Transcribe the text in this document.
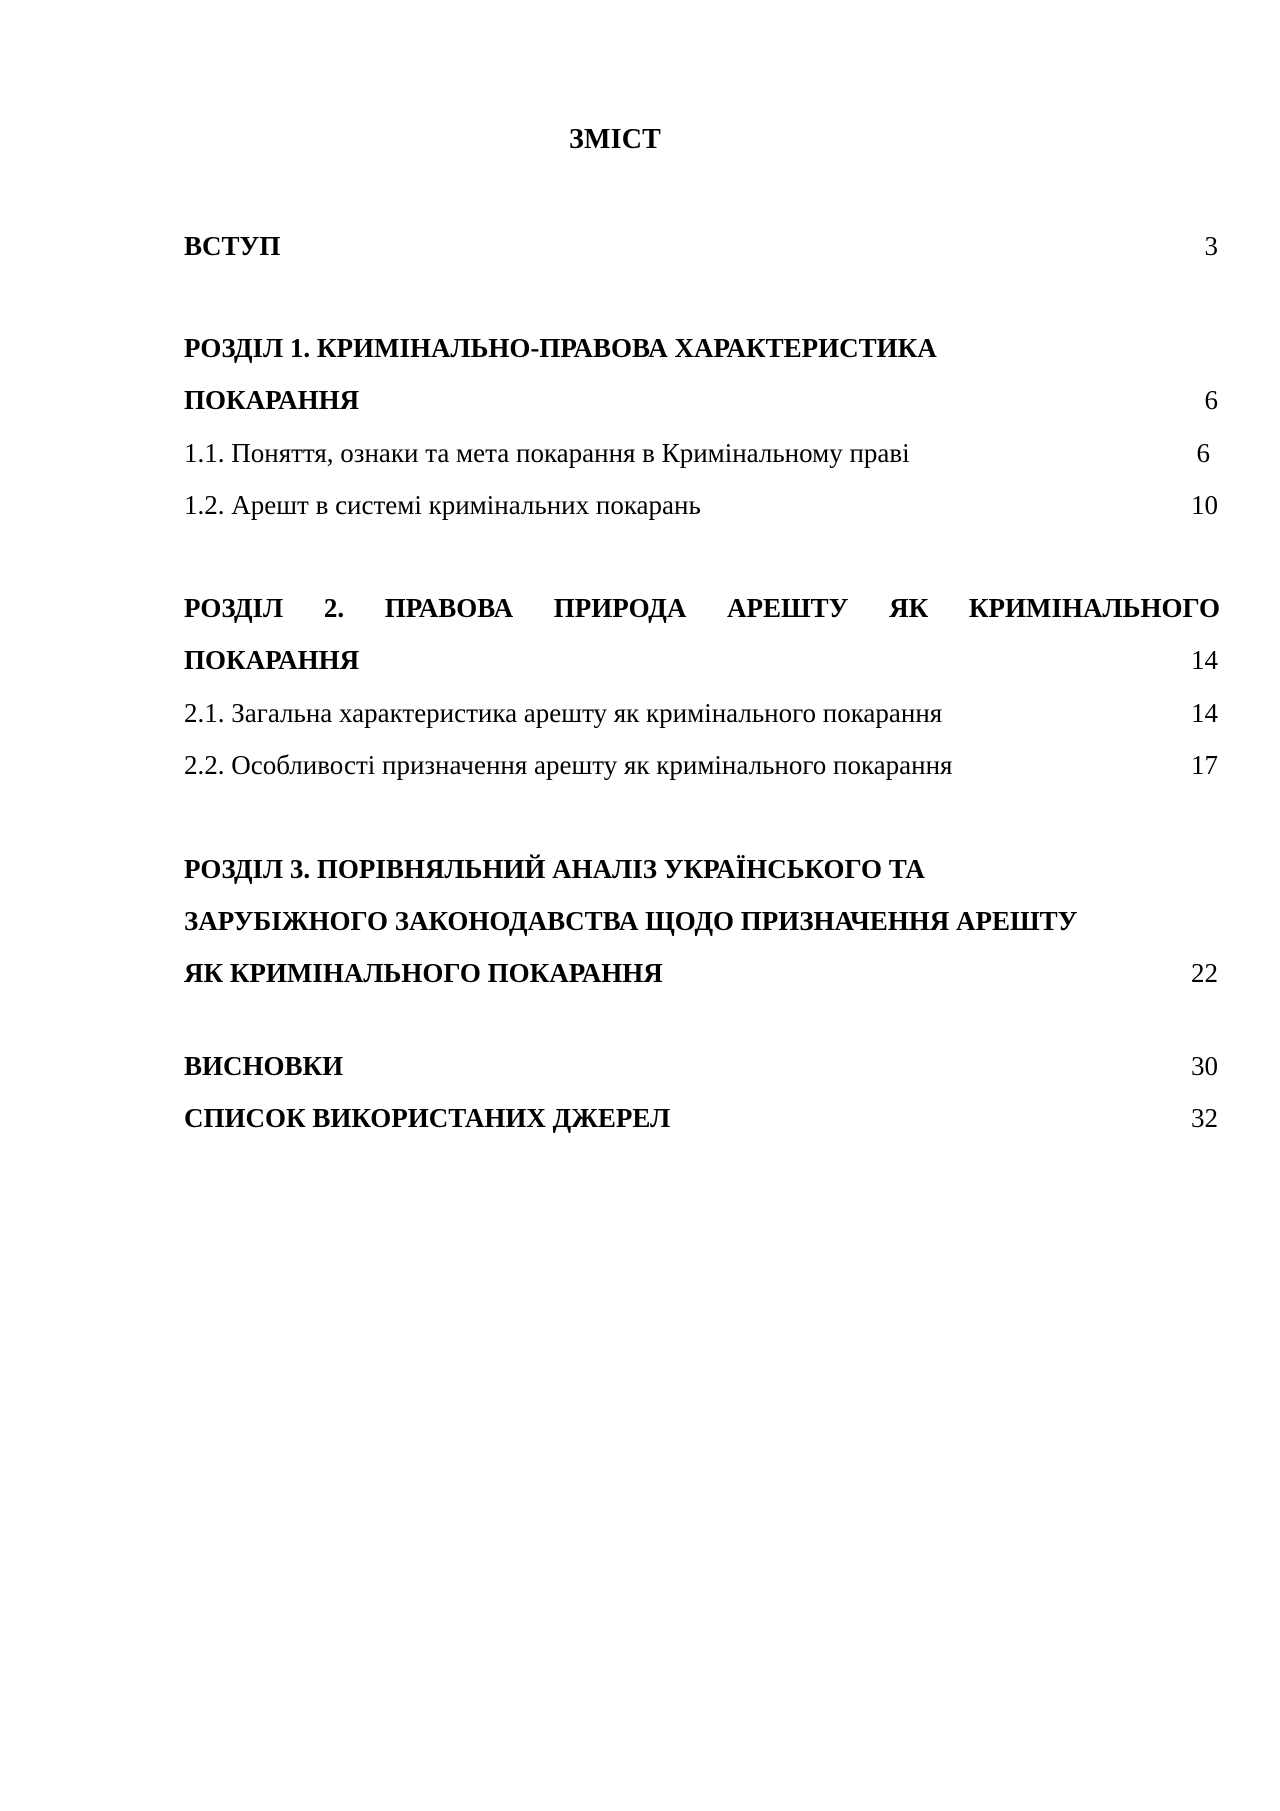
ЗМІСТ
ВСТУП	3
РОЗДІЛ 1. КРИМІНАЛЬНО-ПРАВОВА ХАРАКТЕРИСТИКА
ПОКАРАННЯ	6
1.1. Поняття, ознаки та мета покарання в Кримінальному праві	6
1.2. Арешт в системі кримінальних покарань	10
РОЗДІЛ 2. ПРАВОВА ПРИРОДА АРЕШТУ ЯК КРИМІНАЛЬНОГО
ПОКАРАННЯ	14
2.1. Загальна характеристика арешту як кримінального покарання	14
2.2. Особливості призначення арешту як кримінального покарання	17
РОЗДІЛ 3. ПОРІВНЯЛЬНИЙ АНАЛІЗ УКРАЇНСЬКОГО ТА
ЗАРУБІЖНОГО ЗАКОНОДАВСТВА ЩОДО ПРИЗНАЧЕННЯ АРЕШТУ
ЯК КРИМІНАЛЬНОГО ПОКАРАННЯ	22
ВИСНОВКИ	30
СПИСОК ВИКОРИСТАНИХ ДЖЕРЕЛ	32
